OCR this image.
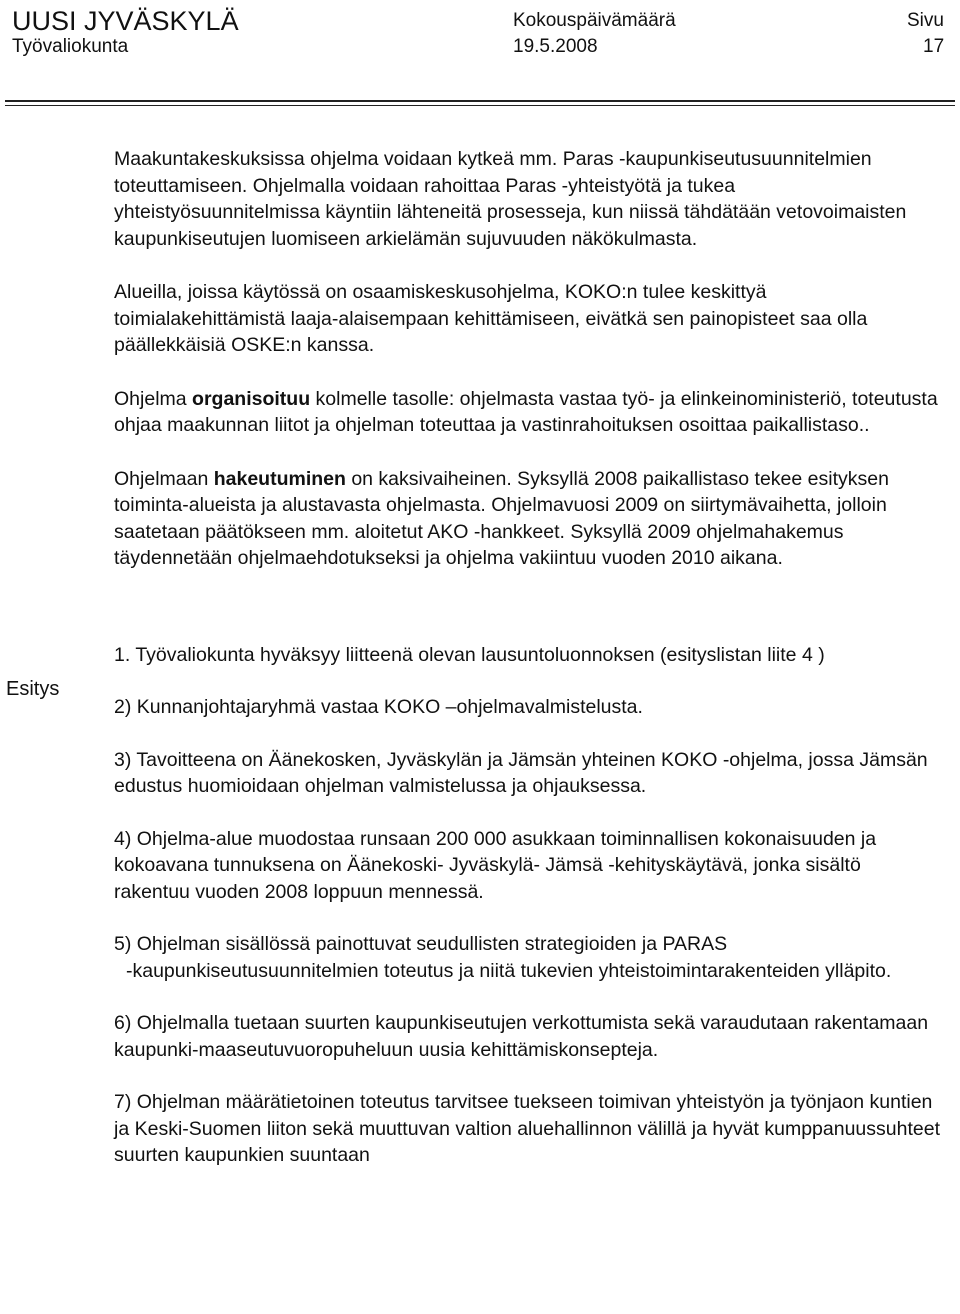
UUSI JYVÄSKYLÄ
Työvaliokunta
Kokouspäivämäärä
19.5.2008
Sivu
17
Esitys

Maakuntakeskuksissa ohjelma voidaan kytkeä mm. Paras -kaupunkiseutusuunnitelmien toteuttamiseen. Ohjelmalla voidaan rahoittaa Paras -yhteistyötä ja tukea yhteistyösuunnitelmissa käyntiin lähteneitä prosesseja, kun niissä tähdätään vetovoimaisten kaupunkiseutujen luomiseen arkielämän sujuvuuden näkökulmasta.

Alueilla, joissa käytössä on osaamiskeskusohjelma, KOKO:n tulee keskittyä toimialakehittämistä laaja-alaisempaan kehittämiseen, eivätkä sen painopisteet saa olla päällekkäisiä OSKE:n kanssa.

Ohjelma organisoituu kolmelle tasolle: ohjelmasta vastaa työ- ja elinkeinoministeriö, toteutusta ohjaa maakunnan liitot ja ohjelman toteuttaa ja vastinrahoituksen osoittaa paikallistaso..

Ohjelmaan hakeutuminen on kaksivaiheinen. Syksyllä 2008 paikallistaso tekee esityksen toiminta-alueista ja alustavasta ohjelmasta. Ohjelmavuosi 2009 on siirtymävaihetta, jolloin saatetaan päätökseen mm. aloitetut AKO -hankkeet. Syksyllä 2009 ohjelmahakemus täydennetään ohjelmaehdotukseksi ja ohjelma vakiintuu vuoden 2010 aikana.

1. Työvaliokunta hyväksyy liitteenä olevan lausuntoluonnoksen (esityslistan liite 4 )

2) Kunnanjohtajaryhmä vastaa KOKO –ohjelmavalmistelusta.

3) Tavoitteena on Äänekosken, Jyväskylän ja Jämsän yhteinen KOKO -ohjelma, jossa Jämsän edustus huomioidaan ohjelman valmistelussa ja ohjauksessa.

4) Ohjelma-alue muodostaa runsaan 200 000 asukkaan toiminnallisen kokonaisuuden ja kokoavana tunnuksena on Äänekoski- Jyväskylä- Jämsä -kehityskäytävä, jonka sisältö rakentuu vuoden 2008 loppuun mennessä.

5) Ohjelman sisällössä painottuvat seudullisten strategioiden ja PARAS
-kaupunkiseutusuunnitelmien toteutus ja niitä tukevien yhteistoimintarakenteiden ylläpito.

6) Ohjelmalla tuetaan suurten kaupunkiseutujen verkottumista sekä varaudutaan rakentamaan kaupunki-maaseutuvuoropuheluun uusia kehittämiskonsepteja.

7) Ohjelman määrätietoinen toteutus tarvitsee tuekseen toimivan yhteistyön ja työnjaon kuntien ja Keski-Suomen liiton sekä muuttuvan valtion aluehallinnon välillä ja hyvät kumppanuussuhteet suurten kaupunkien suuntaan
